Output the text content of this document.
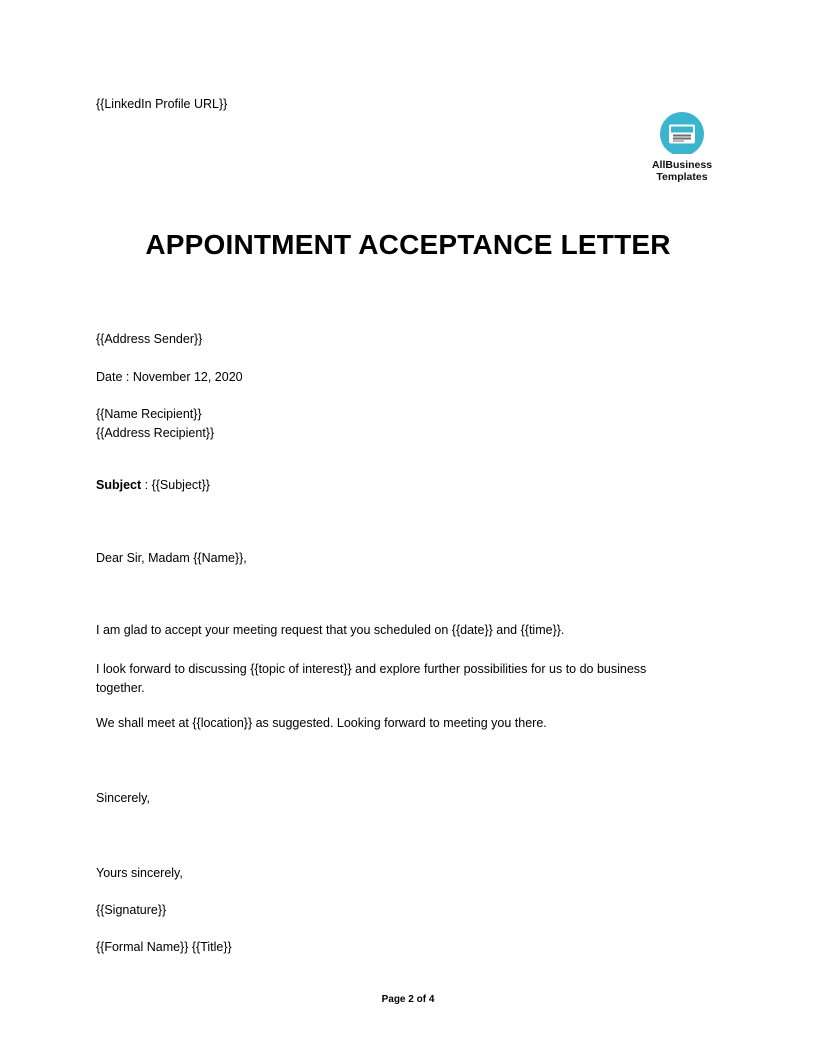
{{LinkedIn Profile URL}}
AllBusiness
Templates
APPOINTMENT ACCEPTANCE LETTER
{{Address Sender}}
Date : November 12, 2020
{{Name Recipient}}
{{Address Recipient}}
Subject : {{Subject}}
Dear Sir, Madam {{Name}},
I am glad to accept your meeting request that you scheduled on {{date}} and {{time}}.
I look forward to discussing {{topic of interest}} and explore further possibilities for us to do business together.
We shall meet at {{location}} as suggested. Looking forward to meeting you there.
Sincerely,
Yours sincerely,
{{Signature}}
{{Formal Name}} {{Title}}
Page 2 of 4
